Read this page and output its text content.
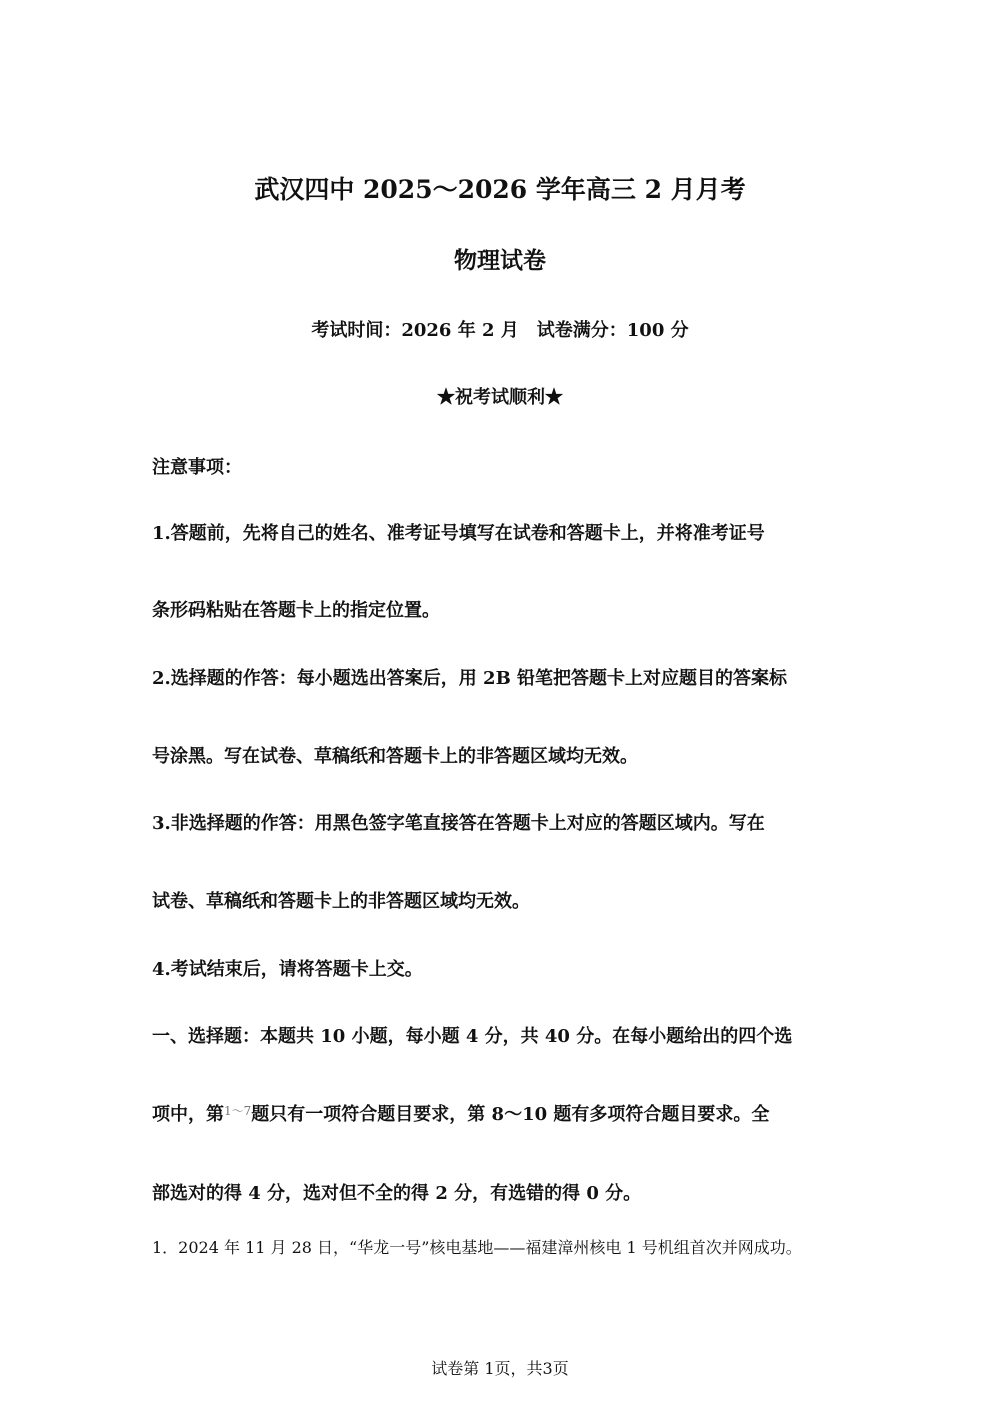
武汉四中 2025～2026 学年高三 2 月月考
物理试卷
考试时间：2026 年 2 月　试卷满分：100 分
★祝考试顺利★
注意事项：
1.答题前，先将自己的姓名、准考证号填写在试卷和答题卡上，并将准考证号
条形码粘贴在答题卡上的指定位置。
2.选择题的作答：每小题选出答案后，用 2B 铅笔把答题卡上对应题目的答案标
号涂黑。写在试卷、草稿纸和答题卡上的非答题区域均无效。
3.非选择题的作答：用黑色签字笔直接答在答题卡上对应的答题区域内。写在
试卷、草稿纸和答题卡上的非答题区域均无效。
4.考试结束后，请将答题卡上交。
一、选择题：本题共 10 小题，每小题 4 分，共 40 分。在每小题给出的四个选
项中，第$^{1\sim 7}$题只有一项符合题目要求，第 8～10 题有多项符合题目要求。全
部选对的得 4 分，选对但不全的得 2 分，有选错的得 0 分。
1．2024 年 11 月 28 日，“华龙一号”核电基地——福建漳州核电 1 号机组首次并网成功。
试卷第 1页，共3页
